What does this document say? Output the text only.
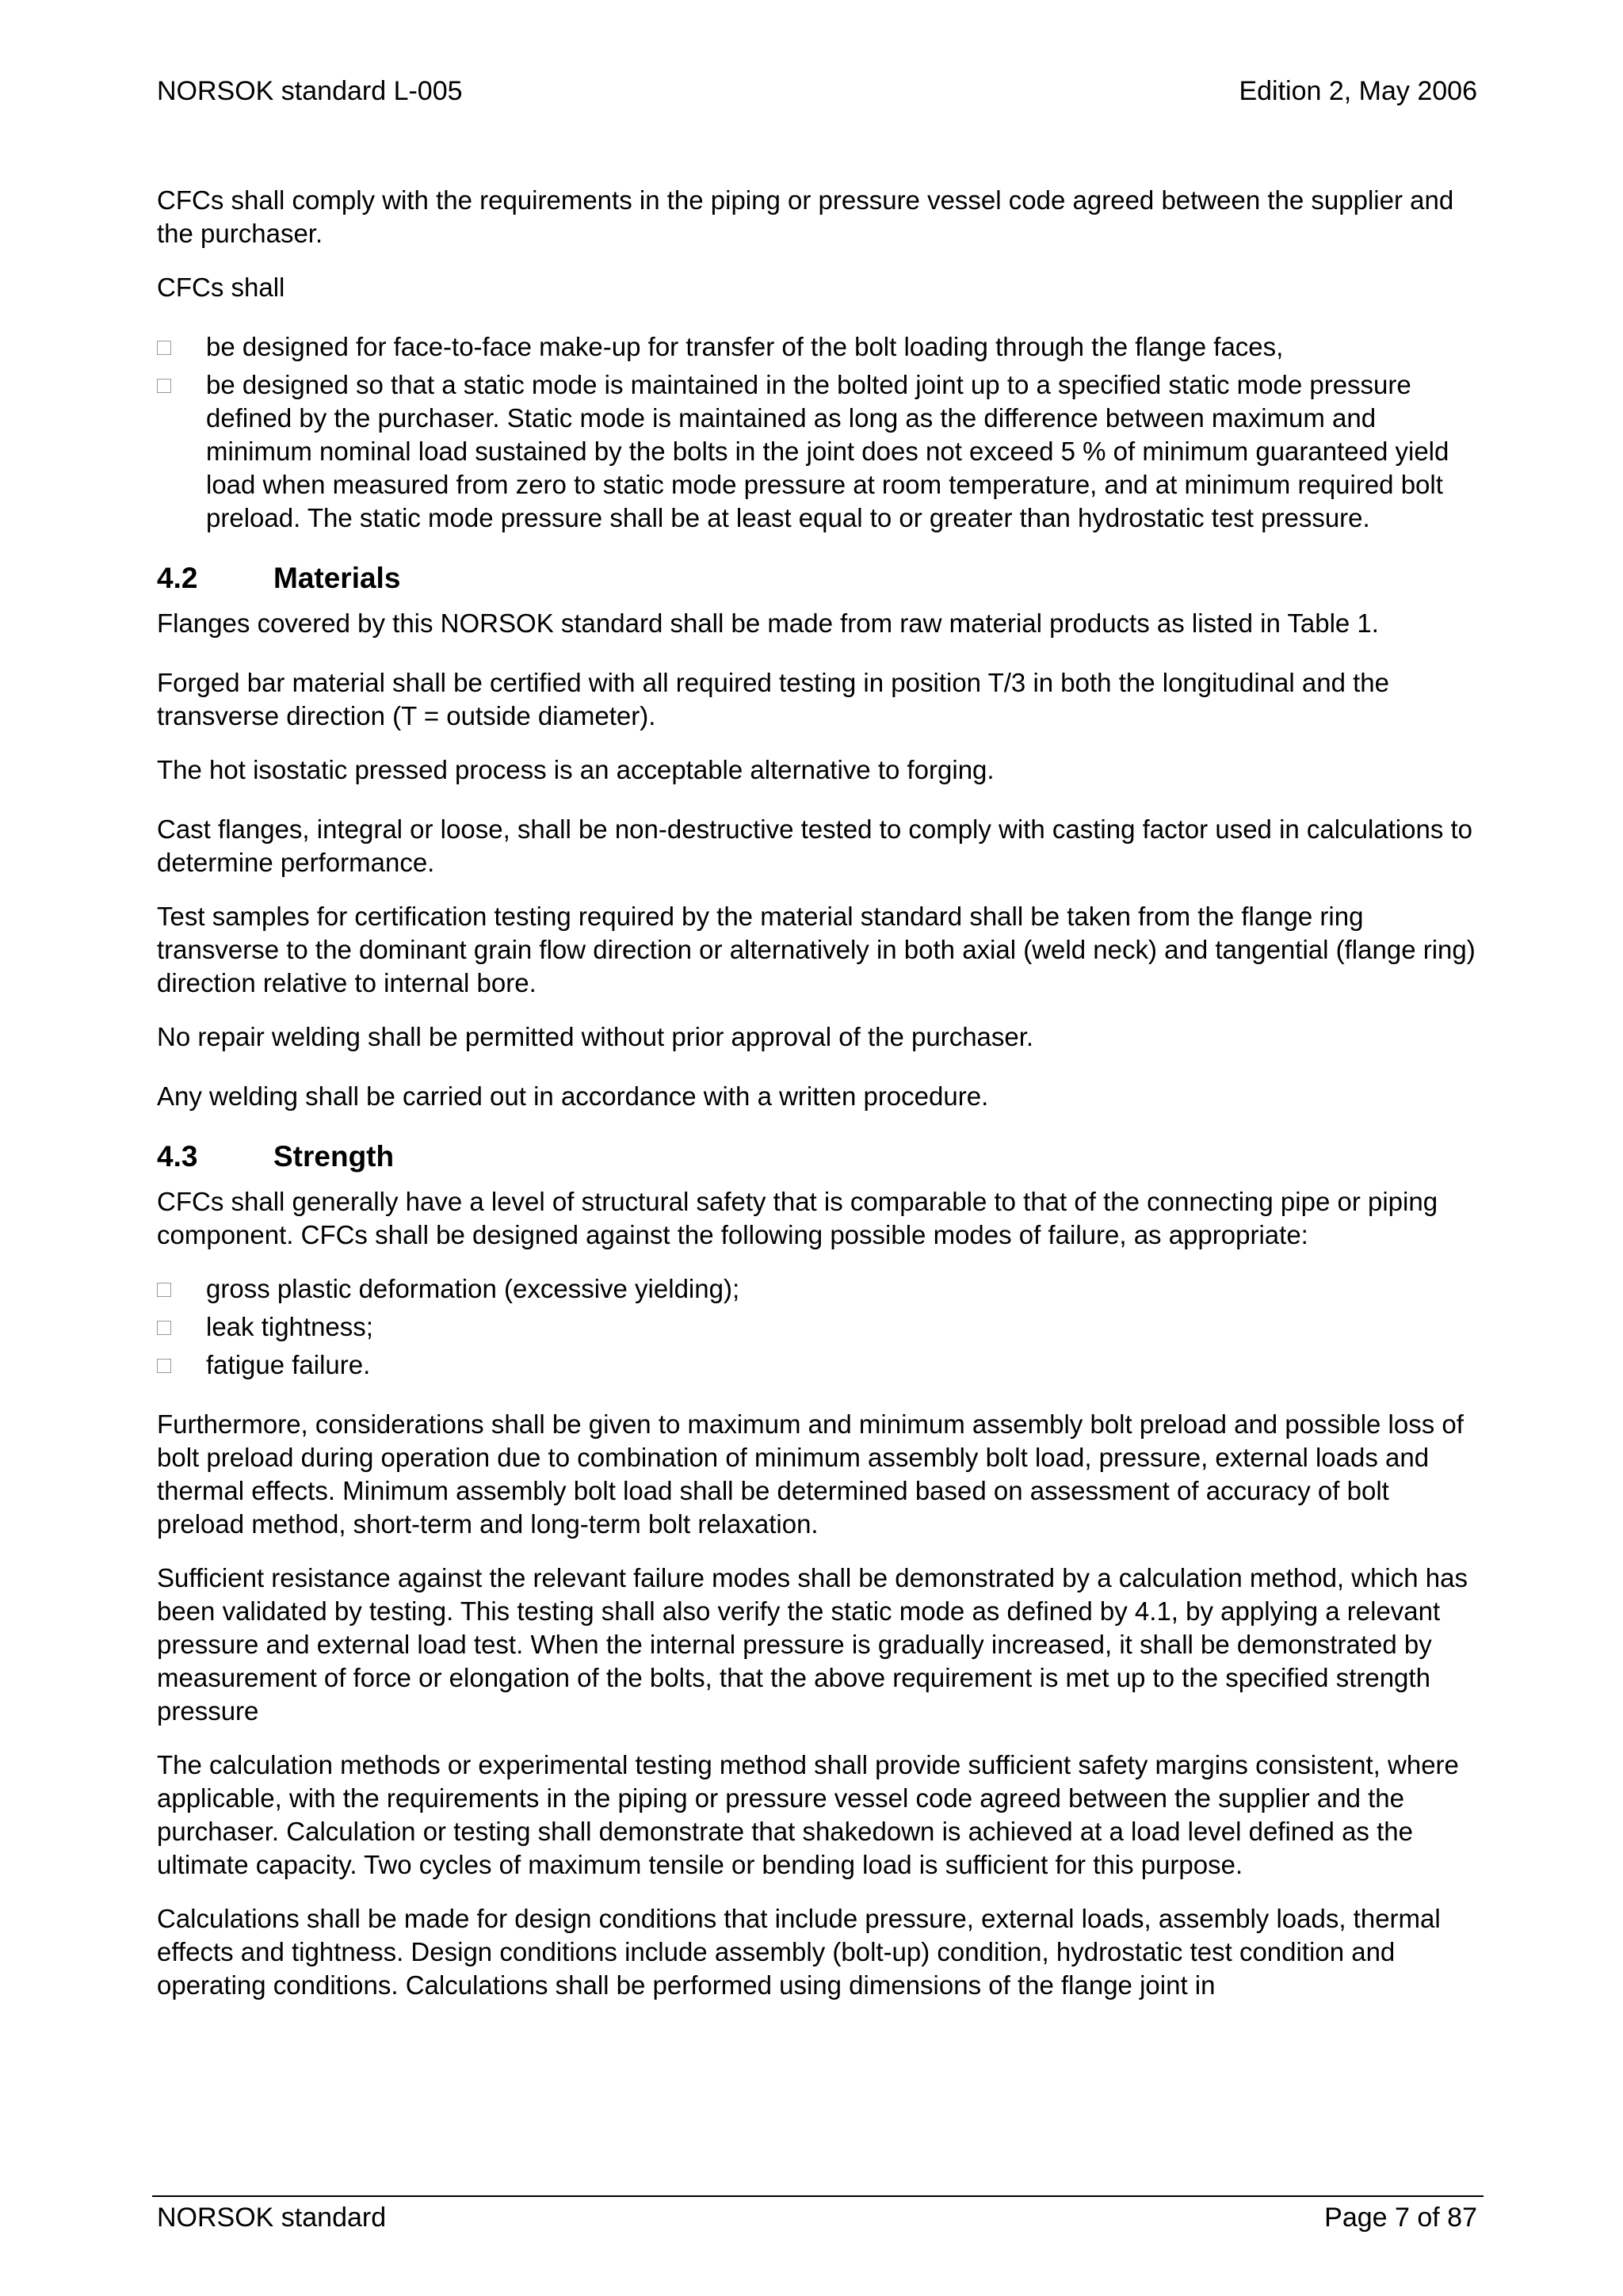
NORSOK standard L-005	Edition 2, May 2006

CFCs shall comply with the requirements in the piping or pressure vessel code agreed between the supplier and the purchaser.

CFCs shall

be designed for face-to-face make-up for transfer of the bolt loading through the flange faces,
be designed so that a static mode is maintained in the bolted joint up to a specified static mode pressure defined by the purchaser. Static mode is maintained as long as the difference between maximum and minimum nominal load sustained by the bolts in the joint does not exceed 5 % of minimum guaranteed yield load when measured from zero to static mode pressure at room temperature, and at minimum required bolt preload. The static mode pressure shall be at least equal to or greater than hydrostatic test pressure.
4.2	Materials

Flanges covered by this NORSOK standard shall be made from raw material products as listed in Table 1.

Forged bar material shall be certified with all required testing in position T/3 in both the longitudinal and the transverse direction (T = outside diameter).

The hot isostatic pressed process is an acceptable alternative to forging.

Cast flanges, integral or loose, shall be non-destructive tested to comply with casting factor used in calculations to determine performance.

Test samples for certification testing required by the material standard shall be taken from the flange ring transverse to the dominant grain flow direction or alternatively in both axial (weld neck) and tangential (flange ring) direction relative to internal bore.

No repair welding shall be permitted without prior approval of the purchaser.

Any welding shall be carried out in accordance with a written procedure.

4.3	Strength

CFCs shall generally have a level of structural safety that is comparable to that of the connecting pipe or piping component. CFCs shall be designed against the following possible modes of failure, as appropriate:

gross plastic deformation (excessive yielding);
leak tightness;
fatigue failure.

Furthermore, considerations shall be given to maximum and minimum assembly bolt preload and possible loss of bolt preload during operation due to combination of minimum assembly bolt load, pressure, external loads and thermal effects. Minimum assembly bolt load shall be determined based on assessment of accuracy of bolt preload method, short-term and long-term bolt relaxation.

Sufficient resistance against the relevant failure modes shall be demonstrated by a calculation method, which has been validated by testing. This testing shall also verify the static mode as defined by 4.1, by applying a relevant pressure and external load test. When the internal pressure is gradually increased, it shall be demonstrated by measurement of force or elongation of the bolts, that the above requirement is met up to the specified strength pressure

The calculation methods or experimental testing method shall provide sufficient safety margins consistent, where applicable, with the requirements in the piping or pressure vessel code agreed between the supplier and the purchaser. Calculation or testing shall demonstrate that shakedown is achieved at a load level defined as the ultimate capacity. Two cycles of maximum tensile or bending load is sufficient for this purpose.

Calculations shall be made for design conditions that include pressure, external loads, assembly loads, thermal effects and tightness. Design conditions include assembly (bolt-up) condition, hydrostatic test condition and operating conditions. Calculations shall be performed using dimensions of the flange joint in

NORSOK standard	Page 7 of 87
